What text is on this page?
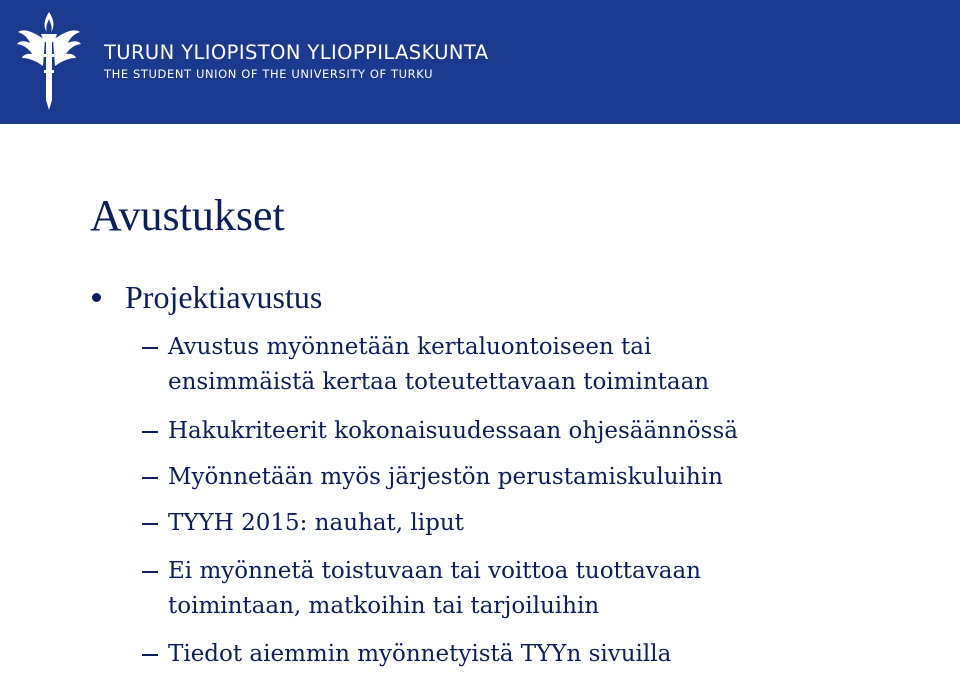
TURUN YLIOPISTON YLIOPPILASKUNTA
THE STUDENT UNION OF THE UNIVERSITY OF TURKU
Avustukset
Projektiavustus
Avustus myönnetään kertaluontoiseen tai
ensimmäistä kertaa toteutettavaan toimintaan
Hakukriteerit kokonaisuudessaan ohjesäännössä
Myönnetään myös järjestön perustamiskuluihin
TYYH 2015: nauhat, liput
Ei myönnetä toistuvaan tai voittoa tuottavaan
toimintaan, matkoihin tai tarjoiluihin
Tiedot aiemmin myönnetyistä TYYn sivuilla
